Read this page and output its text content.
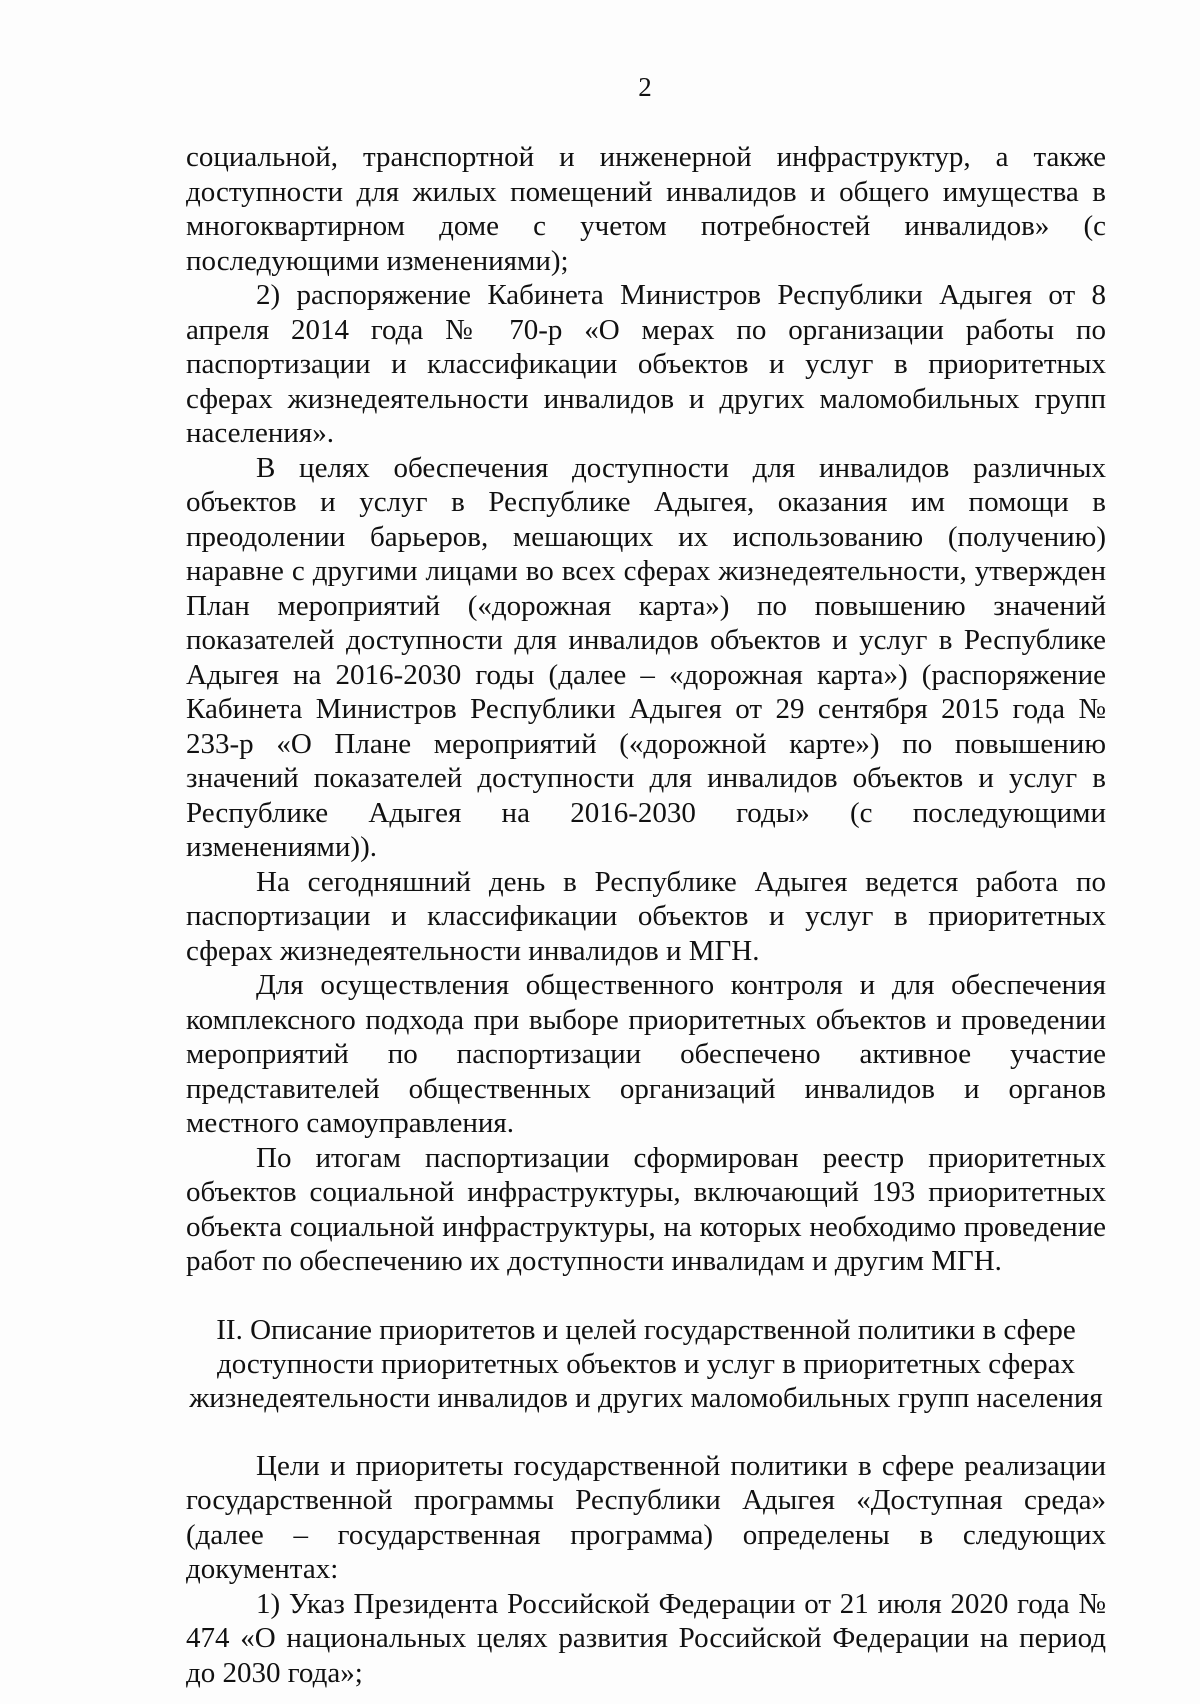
2

социальной, транспортной и инженерной инфраструктур, а также доступности для жилых помещений инвалидов и общего имущества в многоквартирном доме с учетом потребностей инвалидов» (с последующими изменениями);

2) распоряжение Кабинета Министров Республики Адыгея от 8 апреля 2014 года № 70-р «О мерах по организации работы по паспортизации и классификации объектов и услуг в приоритетных сферах жизнедеятельности инвалидов и других маломобильных групп населения».

В целях обеспечения доступности для инвалидов различных объектов и услуг в Республике Адыгея, оказания им помощи в преодолении барьеров, мешающих их использованию (получению) наравне с другими лицами во всех сферах жизнедеятельности, утвержден План мероприятий («дорожная карта») по повышению значений показателей доступности для инвалидов объектов и услуг в Республике Адыгея на 2016-2030 годы (далее – «дорожная карта») (распоряжение Кабинета Министров Республики Адыгея от 29 сентября 2015 года № 233-р «О Плане мероприятий («дорожной карте») по повышению значений показателей доступности для инвалидов объектов и услуг в Республике Адыгея на 2016-2030 годы» (с последующими изменениями)).

На сегодняшний день в Республике Адыгея ведется работа по паспортизации и классификации объектов и услуг в приоритетных сферах жизнедеятельности инвалидов и МГН.

Для осуществления общественного контроля и для обеспечения комплексного подхода при выборе приоритетных объектов и проведении мероприятий по паспортизации обеспечено активное участие представителей общественных организаций инвалидов и органов местного самоуправления.

По итогам паспортизации сформирован реестр приоритетных объектов социальной инфраструктуры, включающий 193 приоритетных объекта социальной инфраструктуры, на которых необходимо проведение работ по обеспечению их доступности инвалидам и другим МГН.

II. Описание приоритетов и целей государственной политики в сфере доступности приоритетных объектов и услуг в приоритетных сферах жизнедеятельности инвалидов и других маломобильных групп населения

Цели и приоритеты государственной политики в сфере реализации государственной программы Республики Адыгея «Доступная среда» (далее – государственная программа) определены в следующих документах:

1) Указ Президента Российской Федерации от 21 июля 2020 года № 474 «О национальных целях развития Российской Федерации на период до 2030 года»;
